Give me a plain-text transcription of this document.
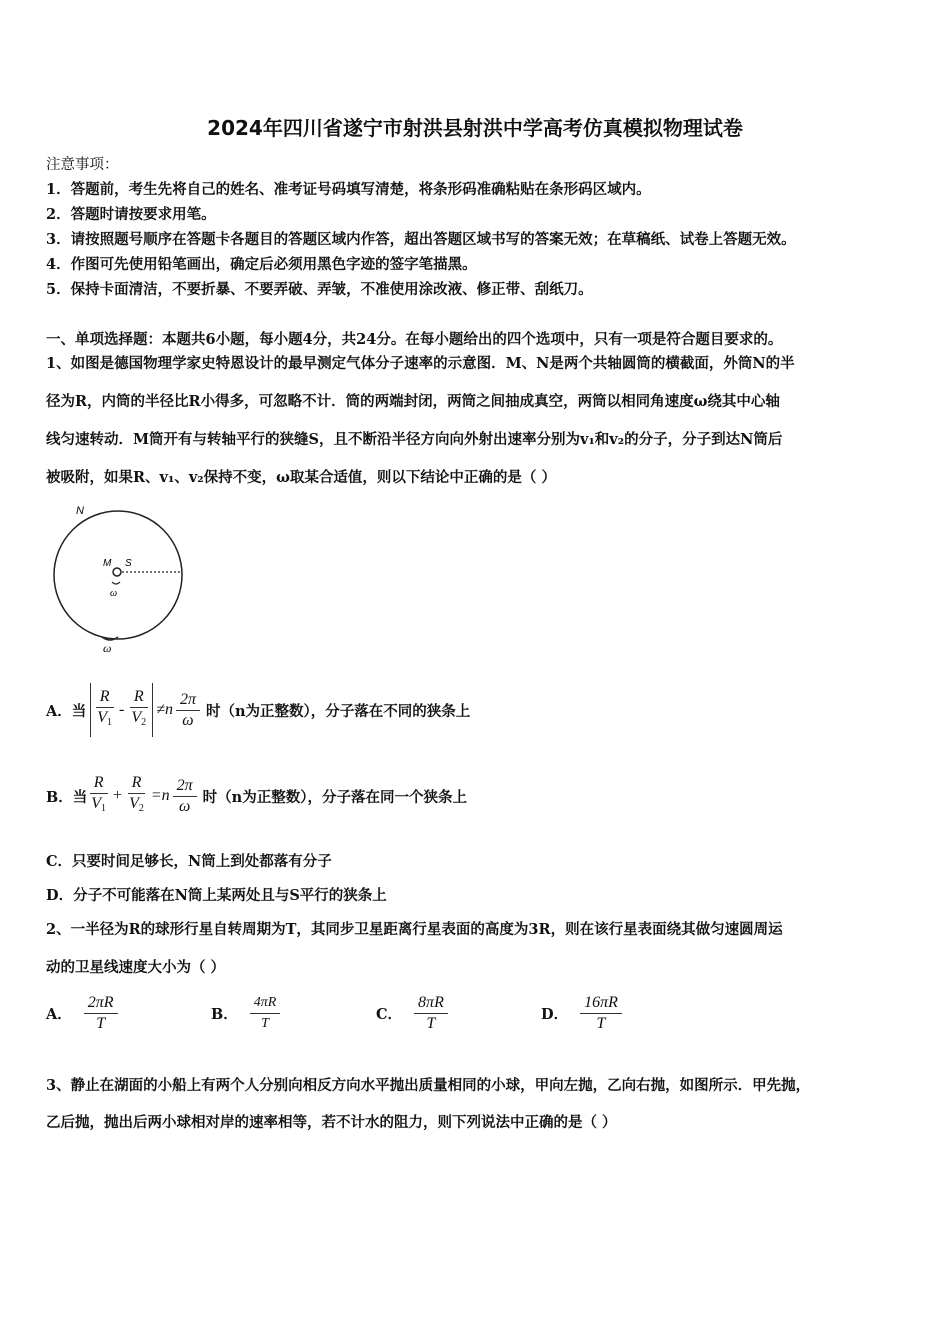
2024年四川省遂宁市射洪县射洪中学高考仿真模拟物理试卷
注意事项：
1．答题前，考生先将自己的姓名、准考证号码填写清楚，将条形码准确粘贴在条形码区域内。
2．答题时请按要求用笔。
3．请按照题号顺序在答题卡各题目的答题区域内作答，超出答题区域书写的答案无效；在草稿纸、试卷上答题无效。
4．作图可先使用铅笔画出，确定后必须用黑色字迹的签字笔描黑。
5．保持卡面清洁，不要折暴、不要弄破、弄皱，不准使用涂改液、修正带、刮纸刀。
一、单项选择题：本题共6小题，每小题4分，共24分。在每小题给出的四个选项中，只有一项是符合题目要求的。
1、如图是德国物理学家史特恩设计的最早测定气体分子速率的示意图．M、N是两个共轴圆筒的横截面，外筒N的半
径为R，内筒的半径比R小得多，可忽略不计．筒的两端封闭，两筒之间抽成真空，两筒以相同角速度ω绕其中心轴
线匀速转动．M筒开有与转轴平行的狭缝S，且不断沿半径方向向外射出速率分别为v₁和v₂的分子，分子到达N筒后
被吸附，如果R、v₁、v₂保持不变，ω取某合适值，则以下结论中正确的是（ ）
N
M S
ω
ω
A．当 $\frac{R}{V_1} - \frac{R}{V_2} \ne n \frac{2\pi}{\omega}$ 时（n为正整数），分子落在不同的狭条上
B．当 $\frac{R}{V_1} + \frac{R}{V_2} =n \frac{2\pi}{\omega}$ 时（n为正整数），分子落在同一个狭条上
C．只要时间足够长，N筒上到处都落有分子
D．分子不可能落在N筒上某两处且与S平行的狭条上
2、一半径为R的球形行星自转周期为T，其同步卫星距离行星表面的高度为3R，则在该行星表面绕其做匀速圆周运
动的卫星线速度大小为（ ）
A． $\frac{2\pi R}{T}$	B． $\frac{4\pi R}{T}$	C． $\frac{8\pi R}{T}$	D． $\frac{16\pi R}{T}$
3、静止在湖面的小船上有两个人分别向相反方向水平抛出质量相同的小球，甲向左抛，乙向右抛，如图所示．甲先抛，
乙后抛，抛出后两小球相对岸的速率相等，若不计水的阻力，则下列说法中正确的是（ ）
